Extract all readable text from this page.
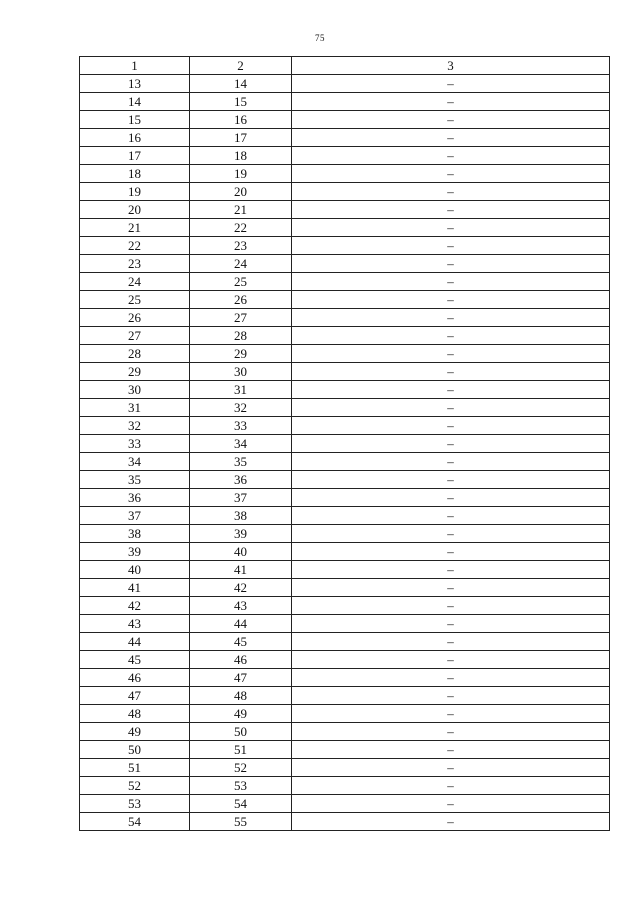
75
1	2	3
13	14	–
14	15	–
15	16	–
16	17	–
17	18	–
18	19	–
19	20	–
20	21	–
21	22	–
22	23	–
23	24	–
24	25	–
25	26	–
26	27	–
27	28	–
28	29	–
29	30	–
30	31	–
31	32	–
32	33	–
33	34	–
34	35	–
35	36	–
36	37	–
37	38	–
38	39	–
39	40	–
40	41	–
41	42	–
42	43	–
43	44	–
44	45	–
45	46	–
46	47	–
47	48	–
48	49	–
49	50	–
50	51	–
51	52	–
52	53	–
53	54	–
54	55	–
